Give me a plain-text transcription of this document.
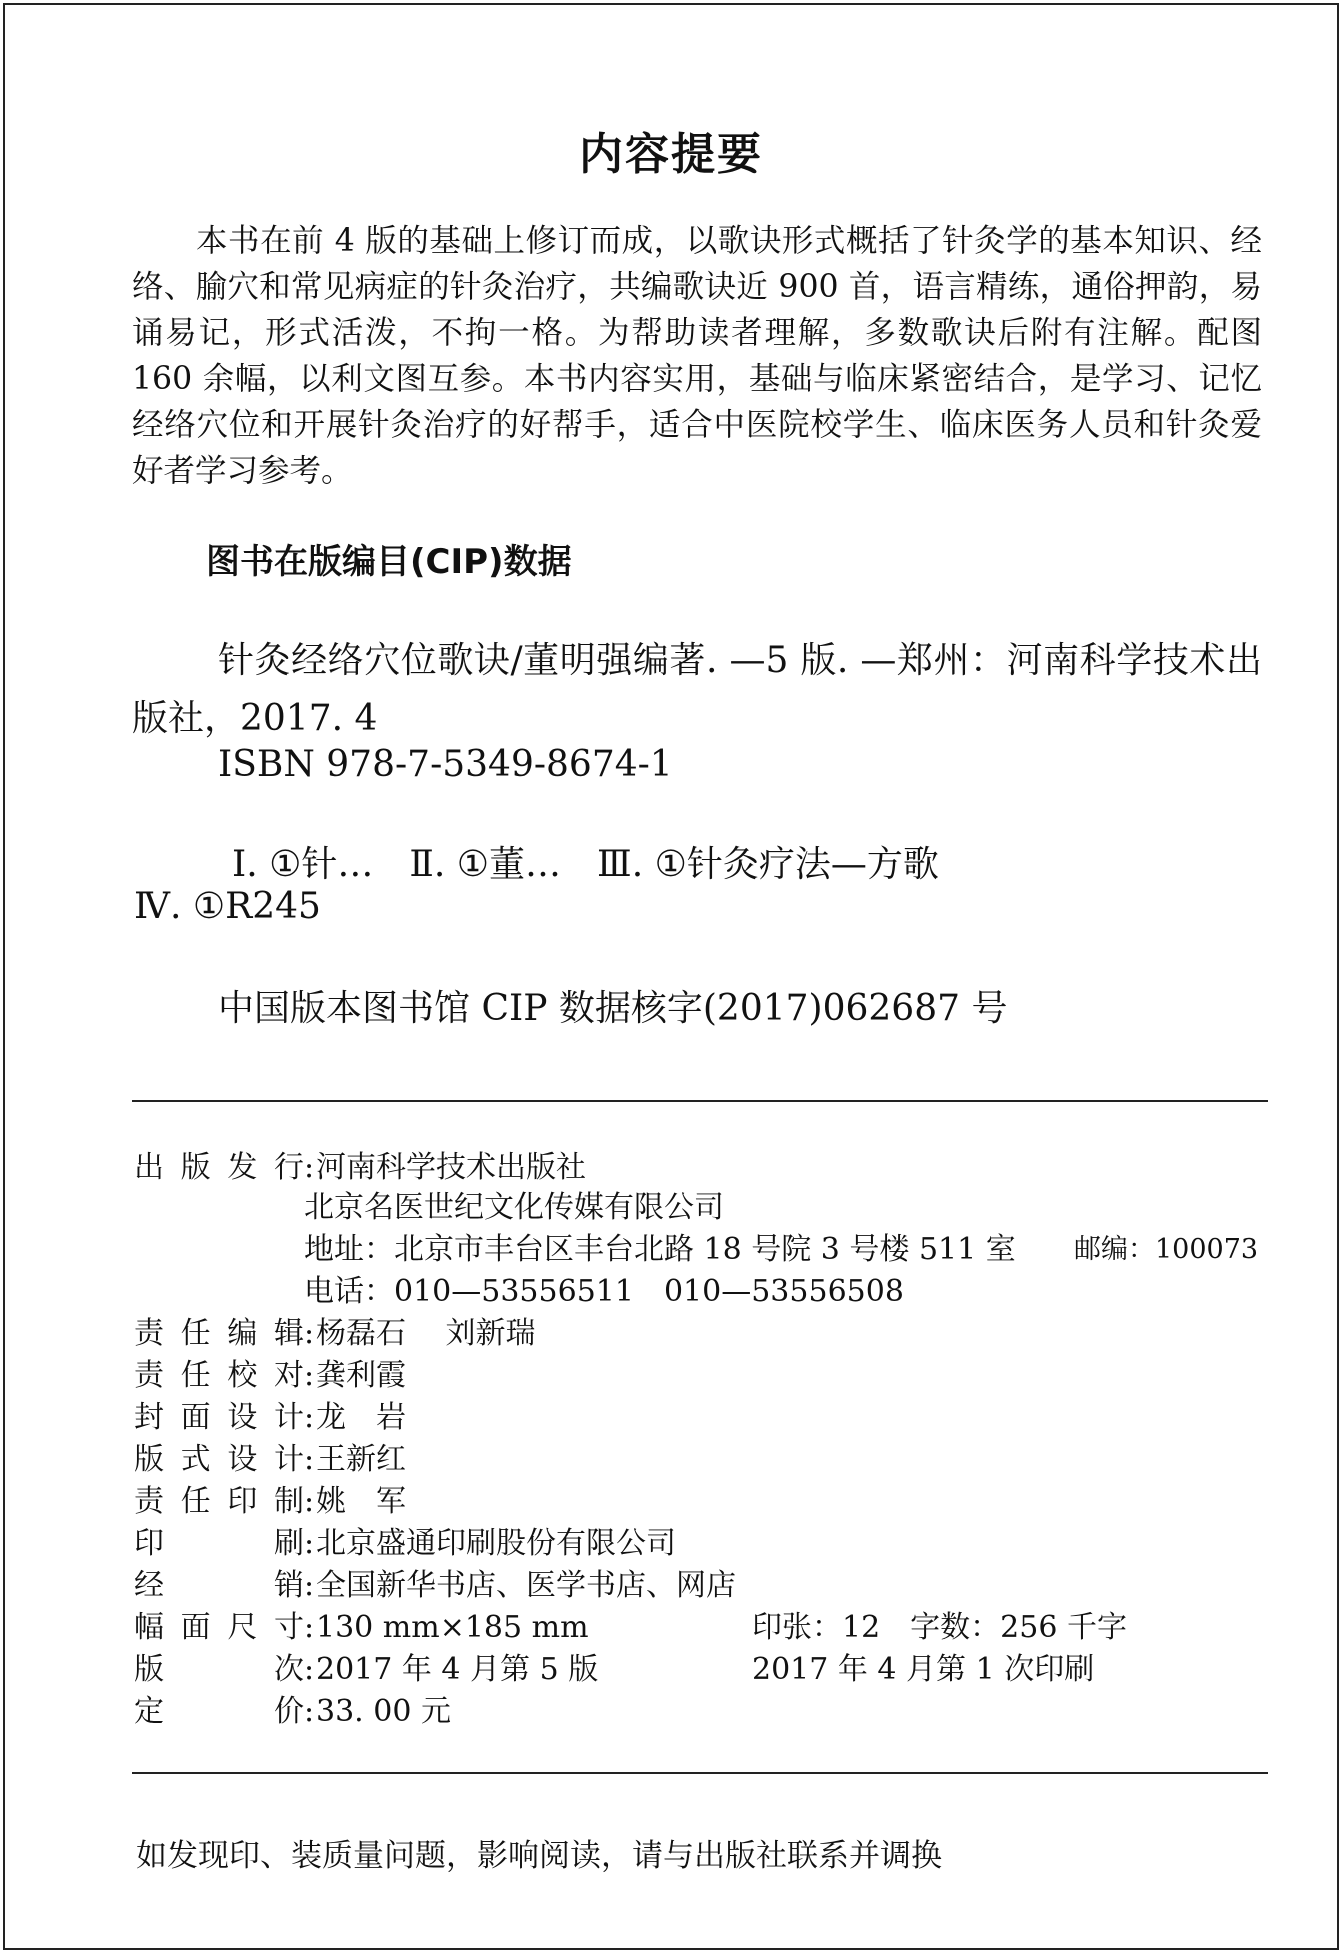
内容提要
本书在前 4 版的基础上修订而成，以歌诀形式概括了针灸学的基本知识、经络、腧穴和常见病症的针灸治疗，共编歌诀近 900 首，语言精练，通俗押韵，易诵易记，形式活泼，不拘一格。为帮助读者理解，多数歌诀后附有注解。配图 160 余幅，以利文图互参。本书内容实用，基础与临床紧密结合，是学习、记忆经络穴位和开展针灸治疗的好帮手，适合中医院校学生、临床医务人员和针灸爱好者学习参考。
图书在版编目(CIP)数据
针灸经络穴位歌诀/董明强编著. —5 版. —郑州：河南科学技术出版社，2017. 4
ISBN 978-7-5349-8674-1
Ⅰ. ①针…　Ⅱ. ①董…　Ⅲ. ①针灸疗法—方歌
Ⅳ. ①R245
中国版本图书馆 CIP 数据核字(2017)062687 号
出版发行:河南科学技术出版社
北京名医世纪文化传媒有限公司
地址：北京市丰台区丰台北路 18 号院 3 号楼 511 室 邮编：100073
电话：010—53556511　010—53556508
责任编辑:杨磊石　 刘新瑞
责任校对:龚利霞
封面设计:龙　岩
版式设计:王新红
责任印制:姚　军
印　刷:北京盛通印刷股份有限公司
经　销:全国新华书店、医学书店、网店
幅面尺寸:130 mm×185 mm	印张：12　字数：256 千字
版　次:2017 年 4 月第 5 版	2017 年 4 月第 1 次印刷
定　价:33. 00 元
如发现印、装质量问题，影响阅读，请与出版社联系并调换
